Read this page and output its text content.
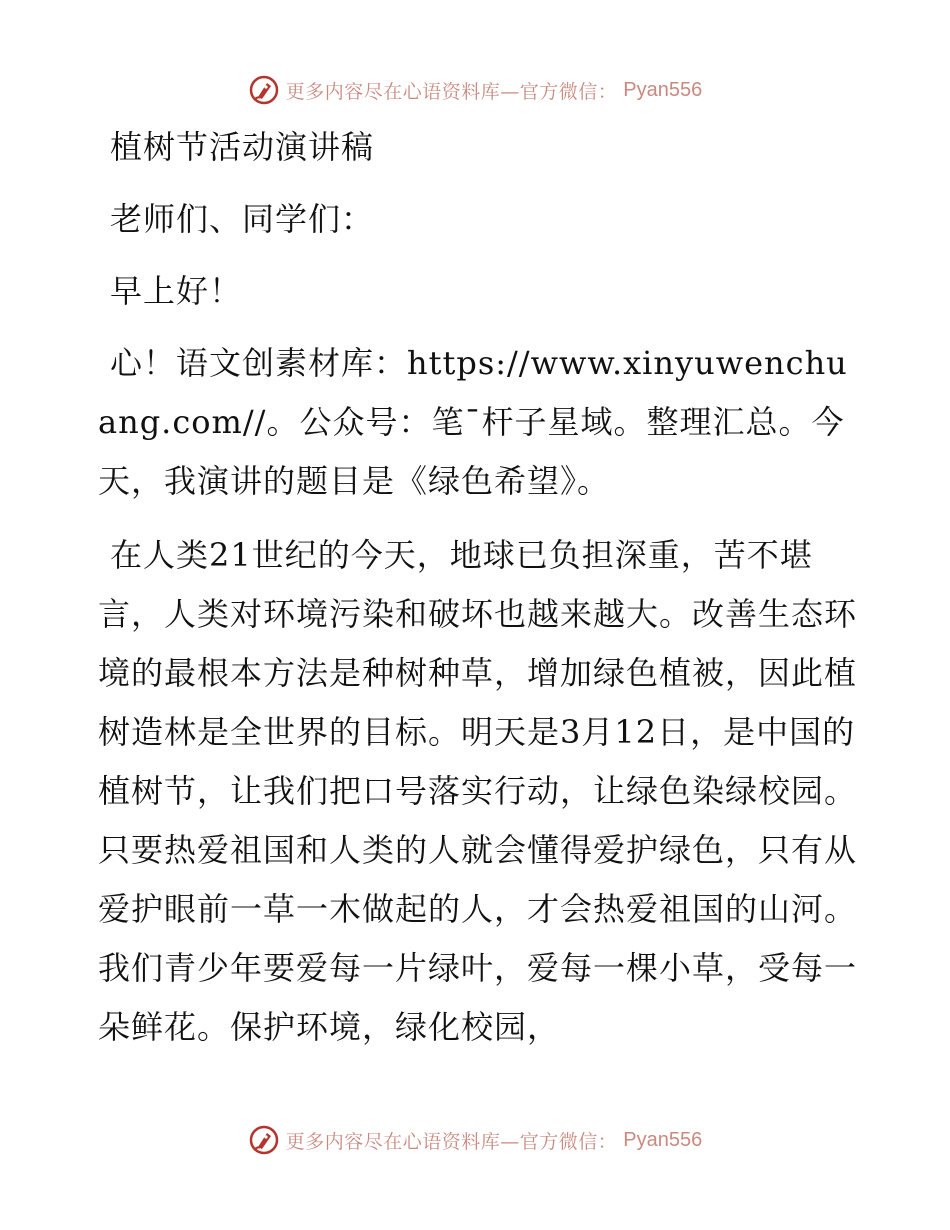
更多内容尽在心语资料库—官方微信： Pyan556

植树节活动演讲稿

老师们、同学们：

早上好！

心！语文创素材库：https://www.xinyuwenchuang.com//。公众号：笔¯杆子星域。整理汇总。今天，我演讲的题目是《绿色希望》。

在人类21世纪的今天，地球已负担深重，苦不堪言，人类对环境污染和破坏也越来越大。改善生态环境的最根本方法是种树种草，增加绿色植被，因此植树造林是全世界的目标。明天是3月12日，是中国的植树节，让我们把口号落实行动，让绿色染绿校园。只要热爱祖国和人类的人就会懂得爱护绿色，只有从爱护眼前一草一木做起的人，才会热爱祖国的山河。我们青少年要爱每一片绿叶，爱每一棵小草，受每一朵鲜花。保护环境，绿化校园，

更多内容尽在心语资料库—官方微信： Pyan556
